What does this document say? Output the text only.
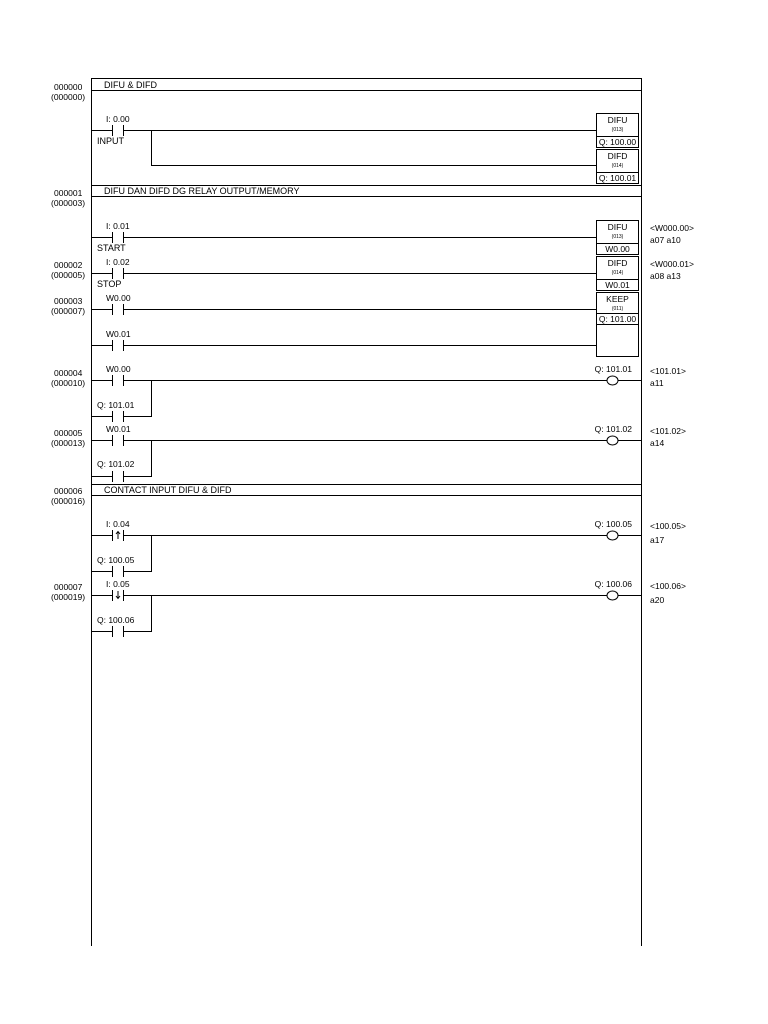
000000
(000000)
000001
(000003)
000002
(000005)
000003
(000007)
000004
(000010)
000005
(000013)
000006
(000016)
000007
(000019)
DIFU & DIFD
DIFU DAN DIFD DG RELAY OUTPUT/MEMORY
CONTACT INPUT DIFU & DIFD
I: 0.00
INPUT
DIFU
(013)
Q: 100.00
DIFD
(014)
Q: 100.01
I: 0.01
START
DIFU
(013)
W0.00
<W000.00>
a07 a10
I: 0.02
STOP
DIFD
(014)
W0.01
<W000.01>
a08 a13
W0.00
W0.01
KEEP
(011)
Q: 101.00
W0.00
Q: 101.01
Q: 101.01 <101.01>
a11
W0.01
Q: 101.02
Q: 101.02 <101.02>
a14
I: 0.04
Q: 100.05
Q: 100.05 <100.05>
a17
I: 0.05
Q: 100.06
Q: 100.06 <100.06>
a20
